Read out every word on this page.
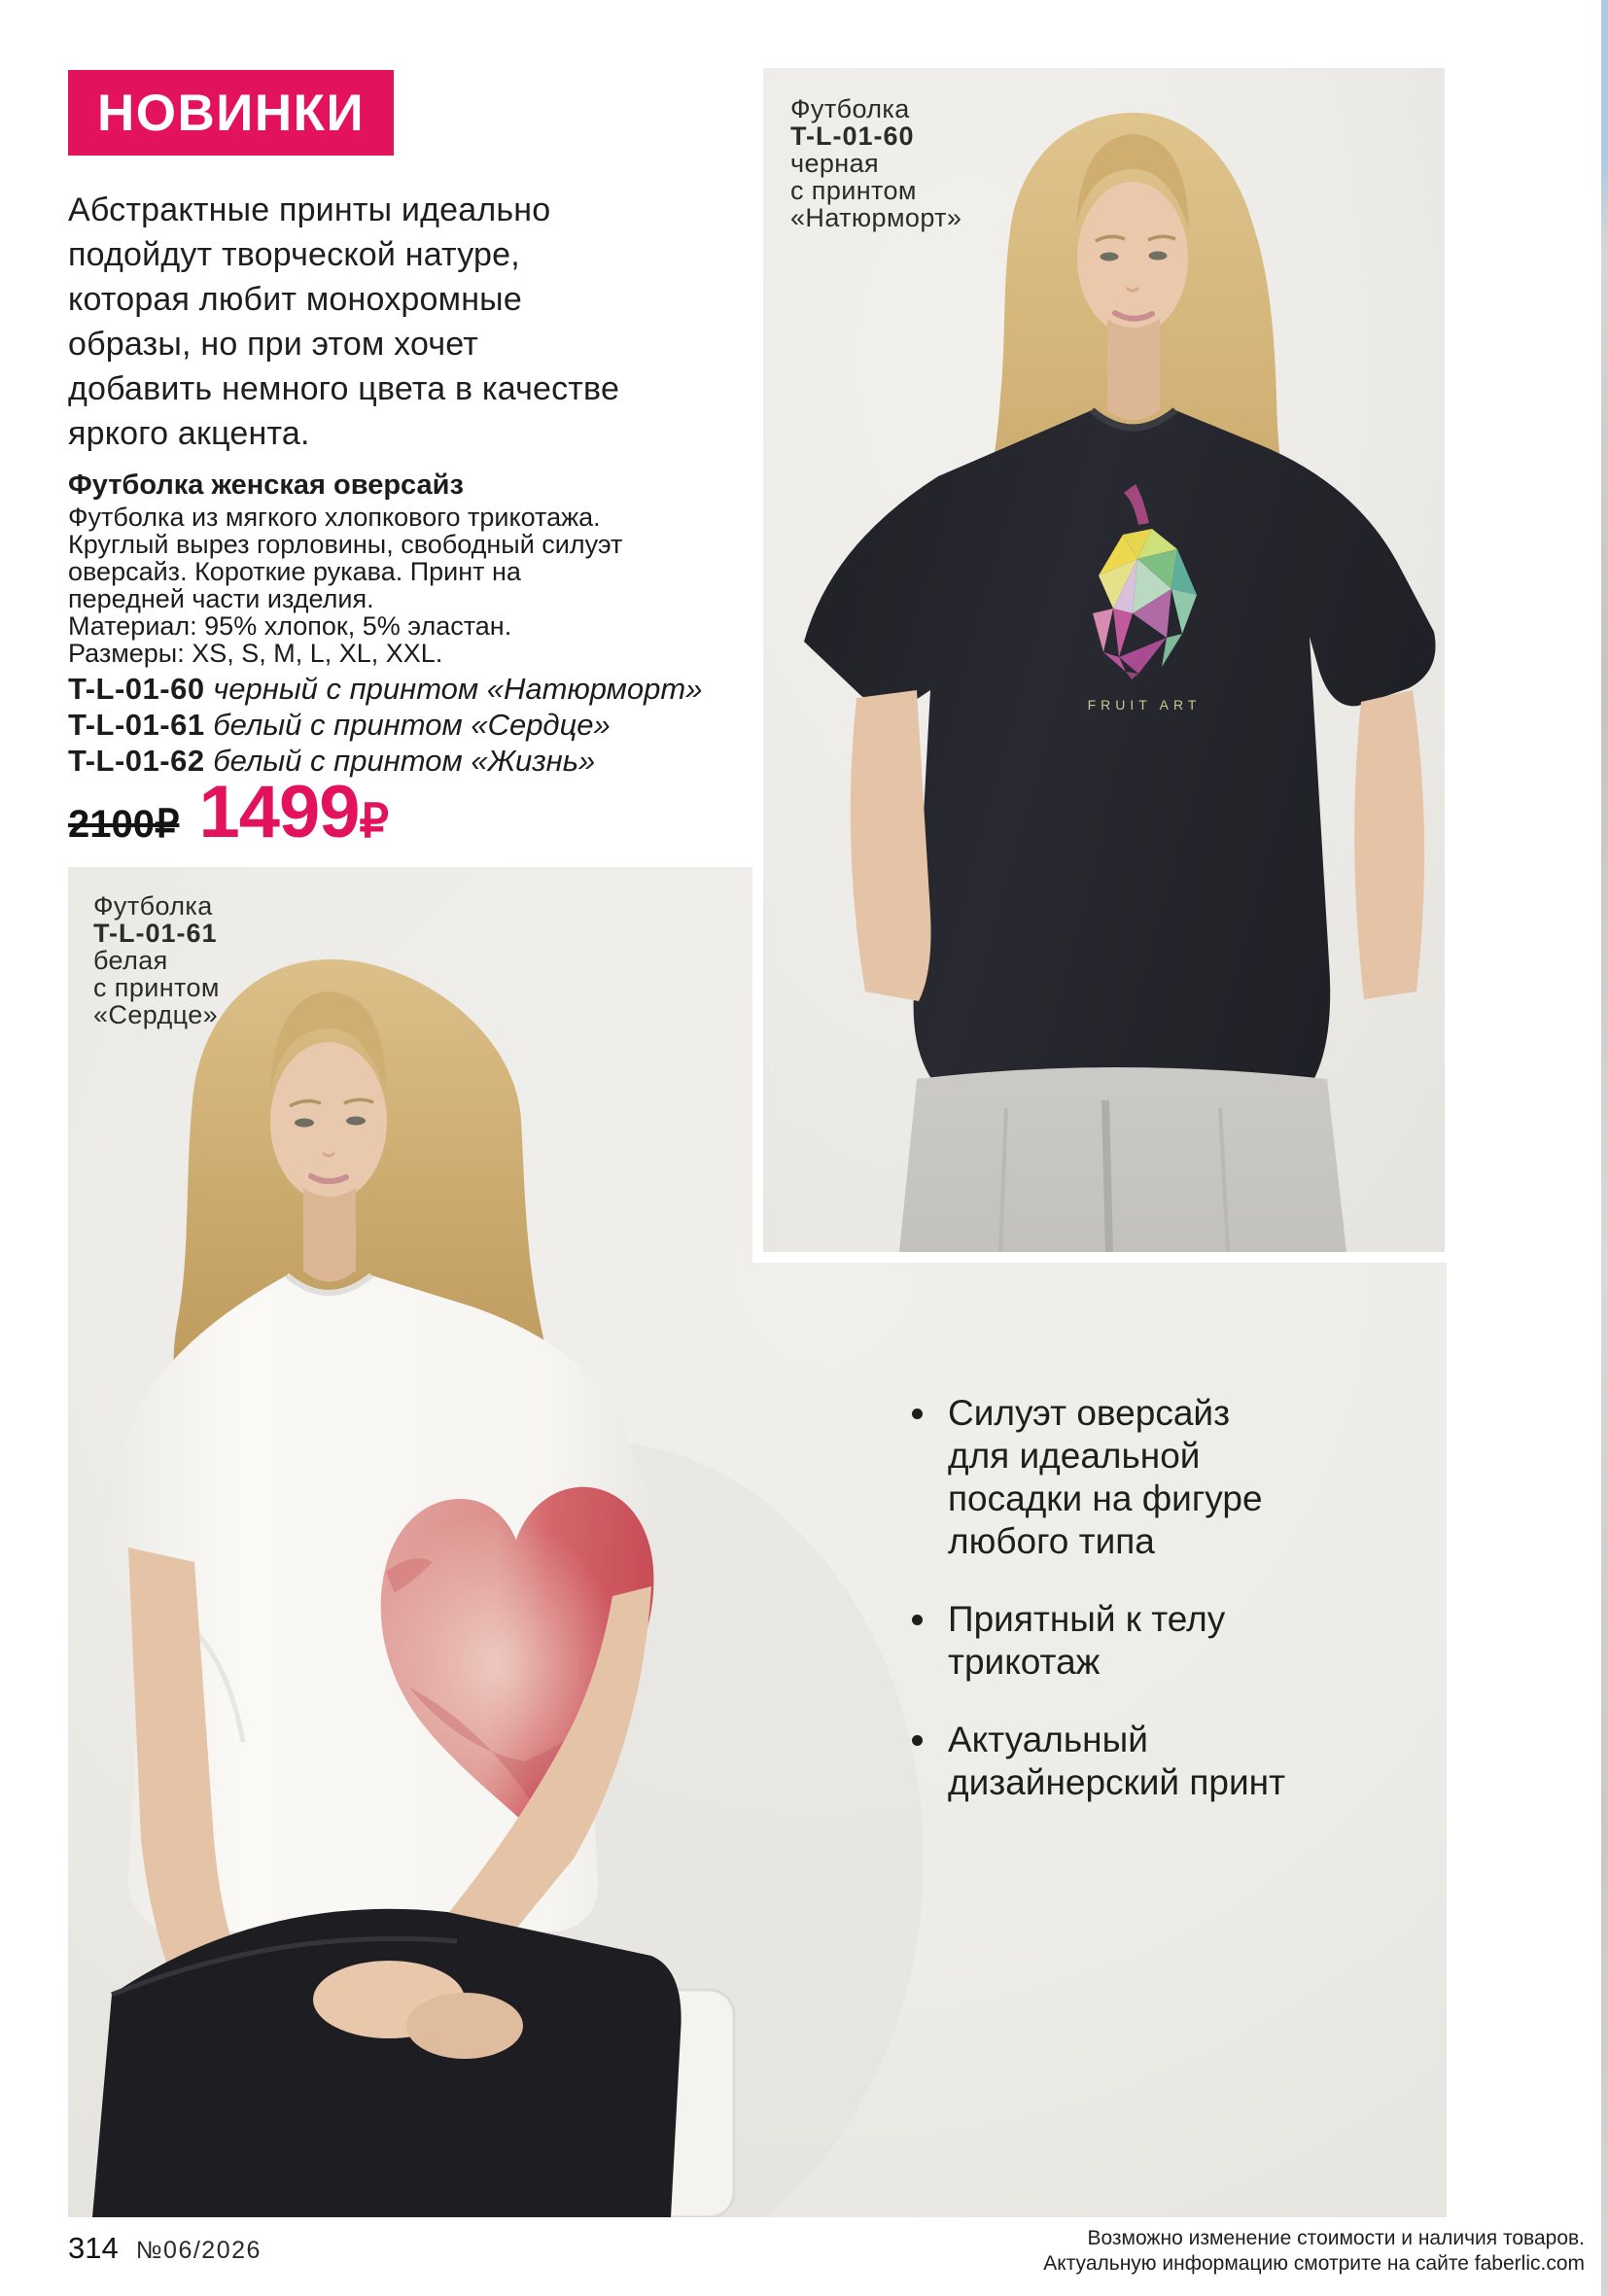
НОВИНКИ
Абстрактные принты идеально подойдут творческой натуре, которая любит монохромные образы, но при этом хочет добавить немного цвета в качестве яркого акцента.

Футболка женская оверсайз

Футболка из мягкого хлопкового трикотажа. Круглый вырез горловины, свободный силуэт оверсайз. Короткие рукава. Принт на передней части изделия.

Материал: 95% хлопок, 5% эластан.

Размеры: XS, S, M, L, XL, XXL.

T-L-01-60 черный с принтом «Натюрморт»
T-L-01-61 белый с принтом «Сердце»
T-L-01-62 белый с принтом «Жизнь»
2100₽ 1499₽
Футболка
T-L-01-61
белая
с принтом
«Сердце»
Силуэт оверсайз для идеальной посадки на фигуре любого типа
Приятный к телу трикотаж
Актуальный дизайнерский принт
FRUIT ART
Футболка
T-L-01-60
черная
с принтом
«Натюрморт»
314 №06/2026	Возможно изменение стоимости и наличия товаров.
Актуальную информацию смотрите на сайте faberlic.com
